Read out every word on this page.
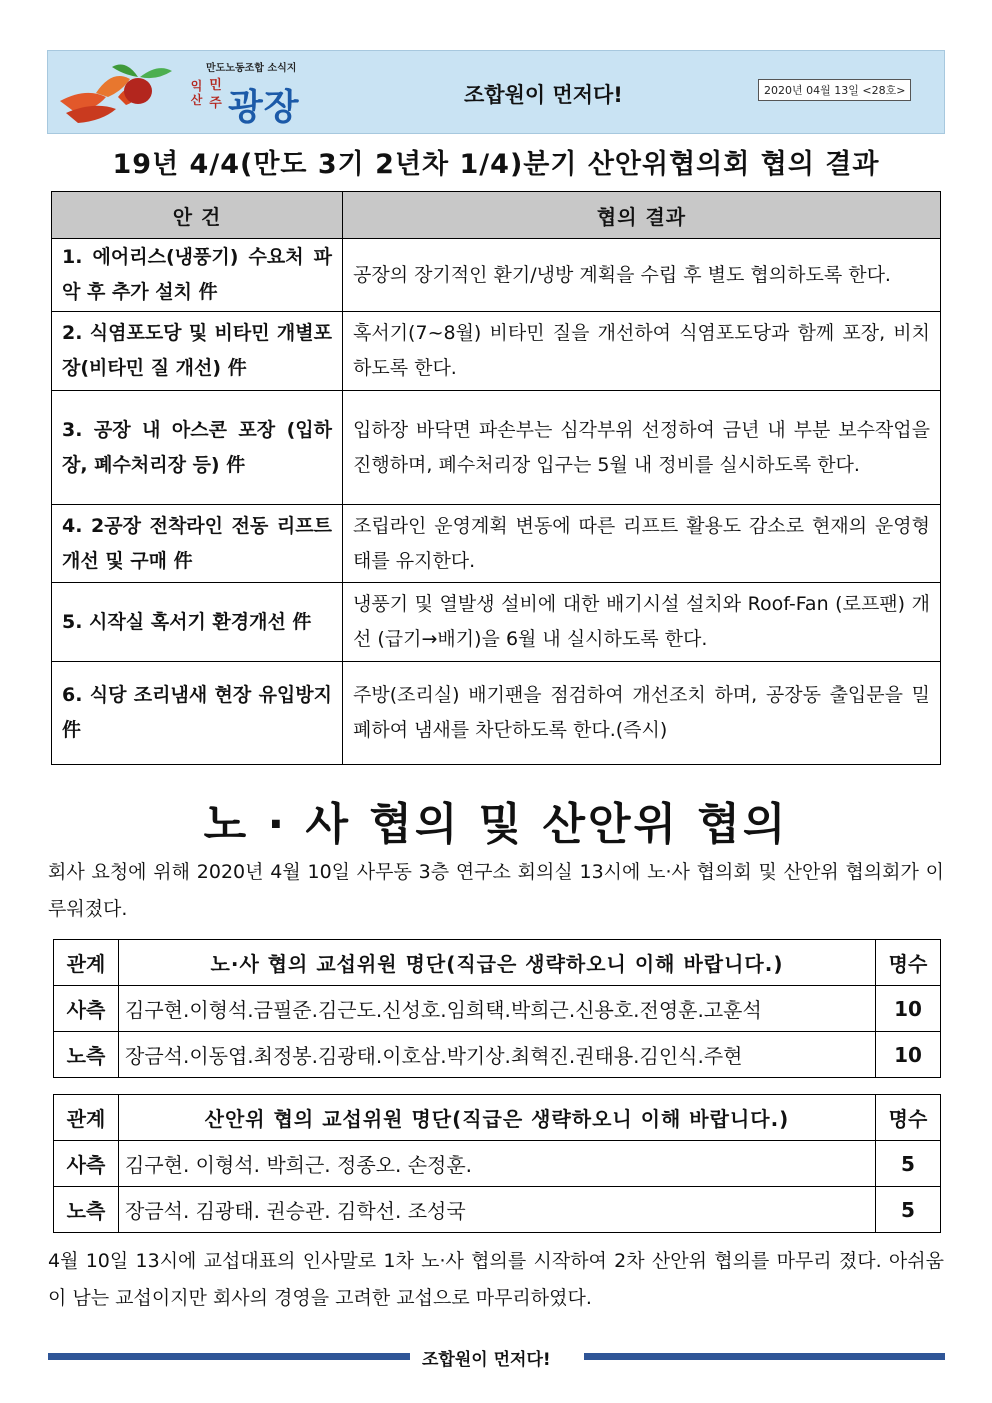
만도노동조합 소식지
익산
민주 광장	조합원이 먼저다!	2020년 04월 13일 <28호>
19년 4/4(만도 3기 2년차 1/4)분기 산안위협의회 협의 결과
안 건	협의 결과
1. 에어리스(냉풍기) 수요처 파악 후 추가 설치 件	공장의 장기적인 환기/냉방 계획을 수립 후 별도 협의하도록 한다.
2. 식염포도당 및 비타민 개별포장(비타민 질 개선) 件	혹서기(7~8월) 비타민 질을 개선하여 식염포도당과 함께 포장, 비치하도록 한다.
3. 공장 내 아스콘 포장 (입하장, 폐수처리장 등) 件	입하장 바닥면 파손부는 심각부위 선정하여 금년 내 부분 보수작업을 진행하며, 폐수처리장 입구는 5월 내 정비를 실시하도록 한다.
4. 2공장 전착라인 전동 리프트 개선 및 구매 件	조립라인 운영계획 변동에 따른 리프트 활용도 감소로 현재의 운영형태를 유지한다.
5. 시작실 혹서기 환경개선 件	냉풍기 및 열발생 설비에 대한 배기시설 설치와 Roof-Fan (로프팬) 개선 (급기→배기)을 6월 내 실시하도록 한다.
6. 식당 조리냄새 현장 유입방지 件	주방(조리실) 배기팬을 점검하여 개선조치 하며, 공장동 출입문을 밀폐하여 냄새를 차단하도록 한다.(즉시)
노 · 사 협의 및 산안위 협의
회사 요청에 위해 2020년 4월 10일 사무동 3층 연구소 회의실 13시에 노·사 협의회 및 산안위 협의회가 이루워졌다.
관계	노·사 협의 교섭위원 명단(직급은 생략하오니 이해 바랍니다.)	명수
사측	김구현.이형석.금필준.김근도.신성호.임희택.박희근.신용호.전영훈.고훈석	10
노측	장금석.이동엽.최정봉.김광태.이호삼.박기상.최혁진.권태용.김인식.주현	10
관계	산안위 협의 교섭위원 명단(직급은 생략하오니 이해 바랍니다.)	명수
사측	김구현. 이형석. 박희근. 정종오. 손정훈.	5
노측	장금석. 김광태. 권승관. 김학선. 조성국	5
4월 10일 13시에 교섭대표의 인사말로 1차 노·사 협의를 시작하여 2차 산안위 협의를 마무리 졌다. 아쉬움이 남는 교섭이지만 회사의 경영을 고려한 교섭으로 마무리하였다.
조합원이 먼저다!
